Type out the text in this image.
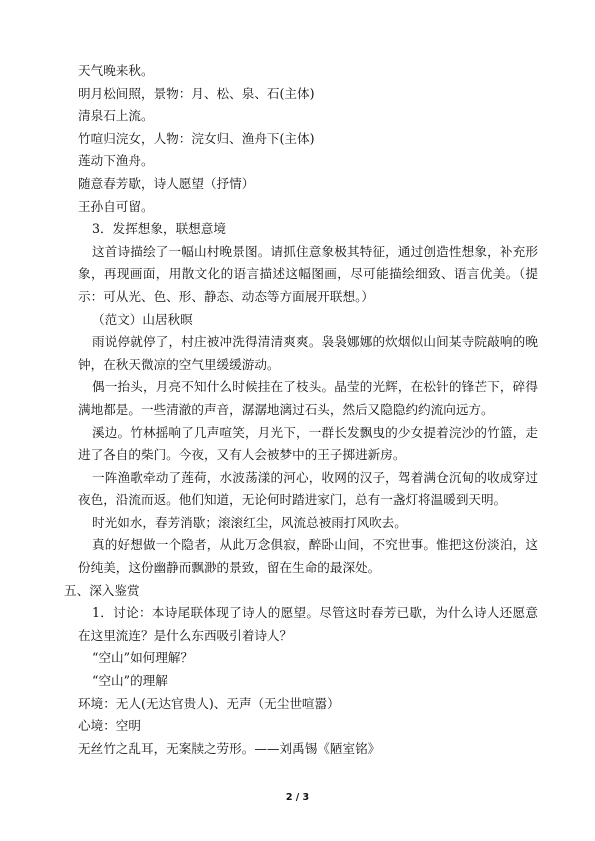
天气晚来秋。

明月松间照，景物：月、松、泉、石(主体)

清泉石上流。

竹喧归浣女，人物：浣女归、渔舟下(主体)

莲动下渔舟。

随意春芳歇，诗人愿望（抒情）

王孙自可留。

3．发挥想象，联想意境

这首诗描绘了一幅山村晚景图。请抓住意象极其特征，通过创造性想象，补充形象，再现画面，用散文化的语言描述这幅图画，尽可能描绘细致、语言优美。（提示：可从光、色、形、静态、动态等方面展开联想。）

（范文）山居秋暝

雨说停就停了，村庄被冲洗得清清爽爽。袅袅娜娜的炊烟似山间某寺院敲响的晚钟，在秋天微凉的空气里缓缓游动。

偶一抬头，月亮不知什么时候挂在了枝头。晶莹的光辉，在松针的锋芒下，碎得满地都是。一些清澈的声音，潺潺地漓过石头，然后又隐隐约约流向远方。

溪边。竹林摇响了几声喧笑，月光下，一群长发飘曳的少女提着浣沙的竹篮，走进了各自的柴门。今夜，又有人会被梦中的王子掷进新房。

一阵渔歌牵动了莲荷，水波荡漾的河心，收网的汉子，驾着满仓沉甸的收成穿过夜色，沿流而返。他们知道，无论何时踏进家门，总有一盏灯将温暖到天明。

时光如水，春芳消歇；滚滚红尘，风流总被雨打风吹去。

真的好想做一个隐者，从此万念俱寂，醉卧山间，不究世事。惟把这份淡泊，这份纯美，这份幽静而飘渺的景致，留在生命的最深处。

五、深入鉴赏

1．讨论：本诗尾联体现了诗人的愿望。尽管这时春芳已歇，为什么诗人还愿意在这里流连？是什么东西吸引着诗人？

“空山”如何理解？

“空山”的理解

环境：无人(无达官贵人)、无声（无尘世喧嚣）

心境：空明

无丝竹之乱耳，无案牍之劳形。——刘禹锡《陋室铭》

2 / 3
